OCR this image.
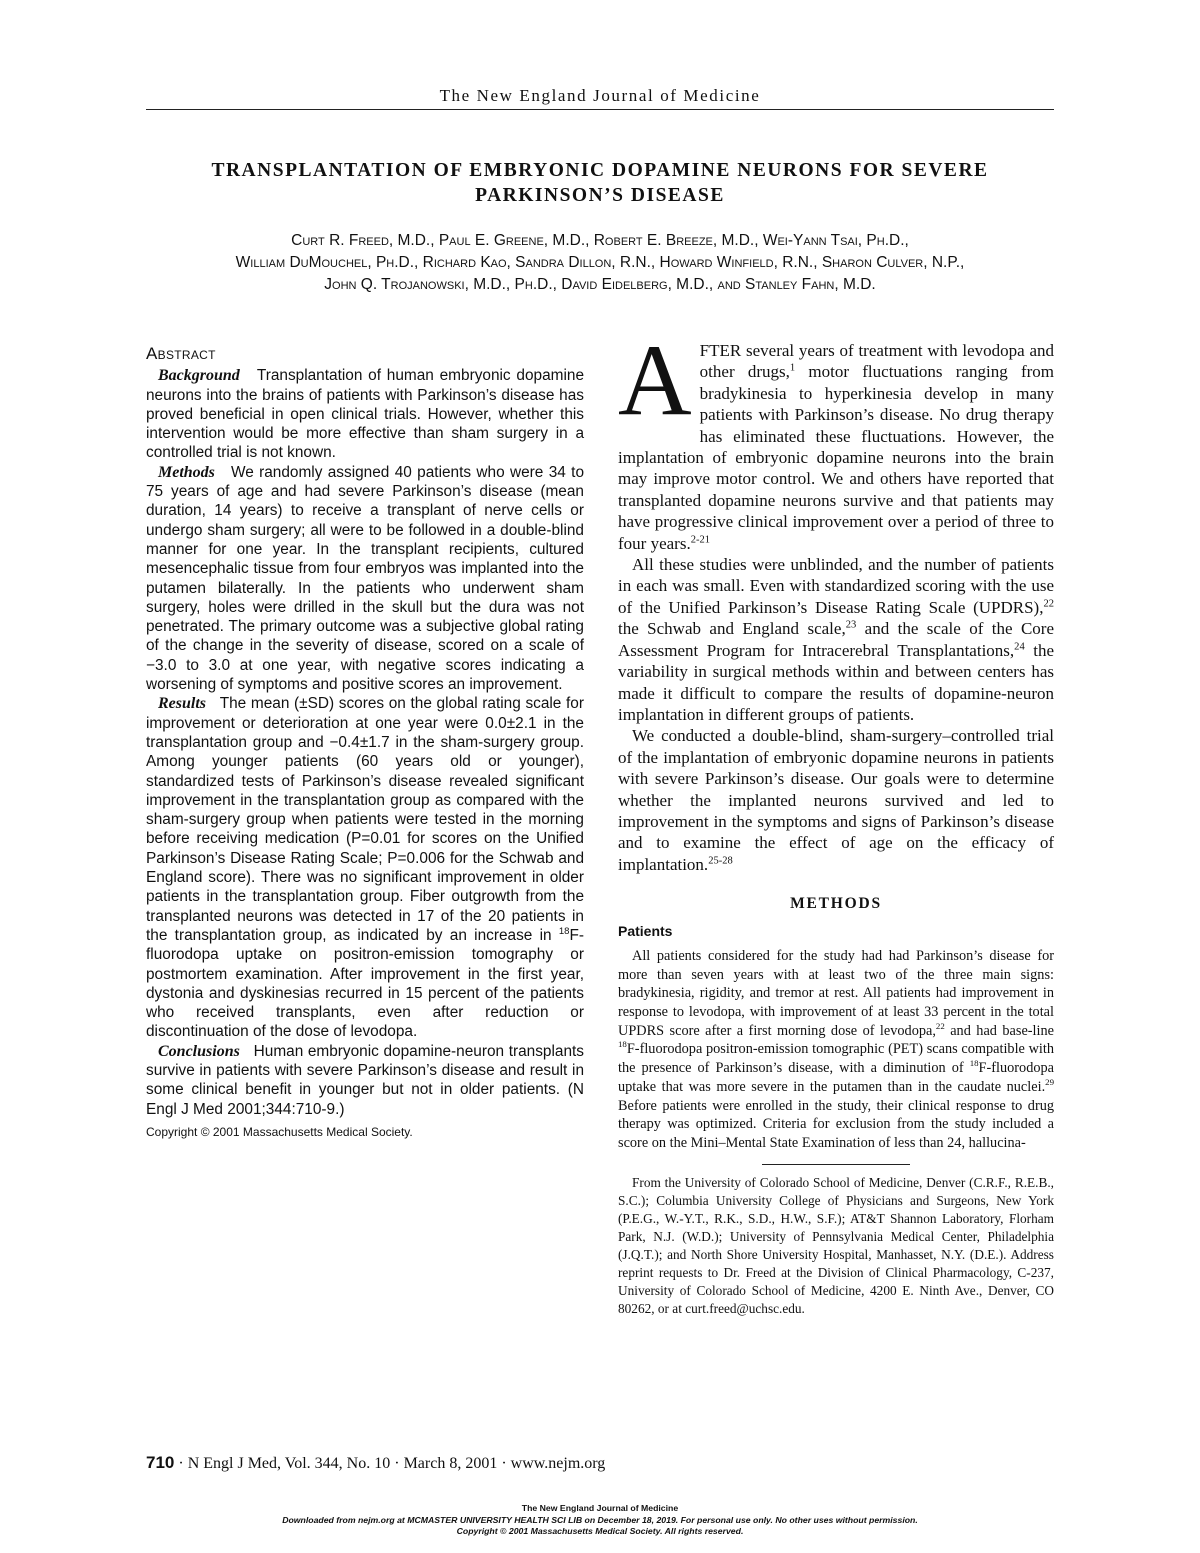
The New England Journal of Medicine
TRANSPLANTATION OF EMBRYONIC DOPAMINE NEURONS FOR SEVERE
PARKINSON’S DISEASE
Curt R. Freed, M.D., Paul E. Greene, M.D., Robert E. Breeze, M.D., Wei-Yann Tsai, Ph.D.,
William DuMouchel, Ph.D., Richard Kao, Sandra Dillon, R.N., Howard Winfield, R.N., Sharon Culver, N.P.,
John Q. Trojanowski, M.D., Ph.D., David Eidelberg, M.D., and Stanley Fahn, M.D.
Abstract

Background Transplantation of human embryonic dopamine neurons into the brains of patients with Parkinson’s disease has proved beneficial in open clinical trials. However, whether this intervention would be more effective than sham surgery in a controlled trial is not known.

Methods We randomly assigned 40 patients who were 34 to 75 years of age and had severe Parkinson’s disease (mean duration, 14 years) to receive a transplant of nerve cells or undergo sham surgery; all were to be followed in a double-blind manner for one year. In the transplant recipients, cultured mesencephalic tissue from four embryos was implanted into the putamen bilaterally. In the patients who underwent sham surgery, holes were drilled in the skull but the dura was not penetrated. The primary outcome was a subjective global rating of the change in the severity of disease, scored on a scale of −3.0 to 3.0 at one year, with negative scores indicating a worsening of symptoms and positive scores an improvement.

Results The mean (±SD) scores on the global rating scale for improvement or deterioration at one year were 0.0±2.1 in the transplantation group and −0.4±1.7 in the sham-surgery group. Among younger patients (60 years old or younger), standardized tests of Parkinson’s disease revealed significant improvement in the transplantation group as compared with the sham-surgery group when patients were tested in the morning before receiving medication (P=0.01 for scores on the Unified Parkinson’s Disease Rating Scale; P=0.006 for the Schwab and England score). There was no significant improvement in older patients in the transplantation group. Fiber outgrowth from the transplanted neurons was detected in 17 of the 20 patients in the transplantation group, as indicated by an increase in $^{18}$F-fluorodopa uptake on positron-emission tomography or postmortem examination. After improvement in the first year, dystonia and dyskinesias recurred in 15 percent of the patients who received transplants, even after reduction or discontinuation of the dose of levodopa.

Conclusions Human embryonic dopamine-neuron transplants survive in patients with severe Parkinson’s disease and result in some clinical benefit in younger but not in older patients. (N Engl J Med 2001;344:710-9.)

Copyright © 2001 Massachusetts Medical Society.

AFTER several years of treatment with levodopa and other drugs,$^1$ motor fluctuations ranging from bradykinesia to hyperkinesia develop in many patients with Parkinson’s disease. No drug therapy has eliminated these fluctuations. However, the implantation of embryonic dopamine neurons into the brain may improve motor control. We and others have reported that transplanted dopamine neurons survive and that patients may have progressive clinical improvement over a period of three to four years.$^{2-21}$

All these studies were unblinded, and the number of patients in each was small. Even with standardized scoring with the use of the Unified Parkinson’s Disease Rating Scale (UPDRS),$^{22}$ the Schwab and England scale,$^{23}$ and the scale of the Core Assessment Program for Intracerebral Transplantations,$^{24}$ the variability in surgical methods within and between centers has made it difficult to compare the results of dopamine-neuron implantation in different groups of patients.

We conducted a double-blind, sham-surgery–controlled trial of the implantation of embryonic dopamine neurons in patients with severe Parkinson’s disease. Our goals were to determine whether the implanted neurons survived and led to improvement in the symptoms and signs of Parkinson’s disease and to examine the effect of age on the efficacy of implantation.$^{25-28}$

METHODS
Patients

All patients considered for the study had had Parkinson’s disease for more than seven years with at least two of the three main signs: bradykinesia, rigidity, and tremor at rest. All patients had improvement in response to levodopa, with improvement of at least 33 percent in the total UPDRS score after a first morning dose of levodopa,$^{22}$ and had base-line $^{18}$F-fluorodopa positron-emission tomographic (PET) scans compatible with the presence of Parkinson’s disease, with a diminution of $^{18}$F-fluorodopa uptake that was more severe in the putamen than in the caudate nuclei.$^{29}$ Before patients were enrolled in the study, their clinical response to drug therapy was optimized. Criteria for exclusion from the study included a score on the Mini–Mental State Examination of less than 24, hallucina-

From the University of Colorado School of Medicine, Denver (C.R.F., R.E.B., S.C.); Columbia University College of Physicians and Surgeons, New York (P.E.G., W.-Y.T., R.K., S.D., H.W., S.F.); AT&T Shannon Laboratory, Florham Park, N.J. (W.D.); University of Pennsylvania Medical Center, Philadelphia (J.Q.T.); and North Shore University Hospital, Manhasset, N.Y. (D.E.). Address reprint requests to Dr. Freed at the Division of Clinical Pharmacology, C-237, University of Colorado School of Medicine, 4200 E. Ninth Ave., Denver, CO 80262, or at curt.freed@uchsc.edu.

710 · N Engl J Med, Vol. 344, No. 10 · March 8, 2001 · www.nejm.org
The New England Journal of Medicine
Downloaded from nejm.org at MCMASTER UNIVERSITY HEALTH SCI LIB on December 18, 2019. For personal use only. No other uses without permission.
Copyright © 2001 Massachusetts Medical Society. All rights reserved.
